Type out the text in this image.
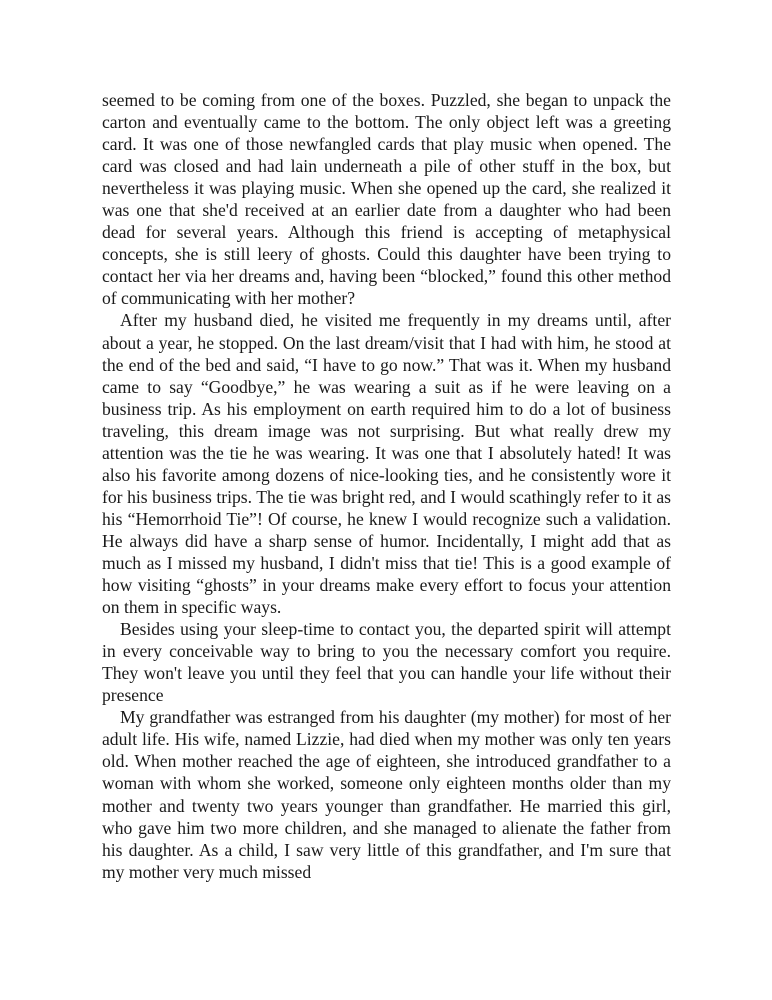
seemed to be coming from one of the boxes. Puzzled, she began to unpack the carton and eventually came to the bottom. The only object left was a greeting card. It was one of those newfangled cards that play music when opened. The card was closed and had lain underneath a pile of other stuff in the box, but nevertheless it was playing music. When she opened up the card, she realized it was one that she'd received at an earlier date from a daughter who had been dead for several years. Although this friend is accepting of metaphysical concepts, she is still leery of ghosts. Could this daughter have been trying to contact her via her dreams and, having been “blocked,” found this other method of communicating with her mother?

After my husband died, he visited me frequently in my dreams until, after about a year, he stopped. On the last dream/visit that I had with him, he stood at the end of the bed and said, “I have to go now.” That was it. When my husband came to say “Goodbye,” he was wearing a suit as if he were leaving on a business trip. As his employment on earth required him to do a lot of business traveling, this dream image was not surprising. But what really drew my attention was the tie he was wearing. It was one that I absolutely hated! It was also his favorite among dozens of nice-looking ties, and he consistently wore it for his business trips. The tie was bright red, and I would scathingly refer to it as his “Hemorrhoid Tie”! Of course, he knew I would recognize such a validation. He always did have a sharp sense of humor. Incidentally, I might add that as much as I missed my husband, I didn't miss that tie! This is a good example of how visiting “ghosts” in your dreams make every effort to focus your attention on them in specific ways.

Besides using your sleep-time to contact you, the departed spirit will attempt in every conceivable way to bring to you the necessary comfort you require. They won't leave you until they feel that you can handle your life without their presence

My grandfather was estranged from his daughter (my mother) for most of her adult life. His wife, named Lizzie, had died when my mother was only ten years old. When mother reached the age of eighteen, she introduced grandfather to a woman with whom she worked, someone only eighteen months older than my mother and twenty two years younger than grandfather. He married this girl, who gave him two more children, and she managed to alienate the father from his daughter. As a child, I saw very little of this grandfather, and I'm sure that my mother very much missed
